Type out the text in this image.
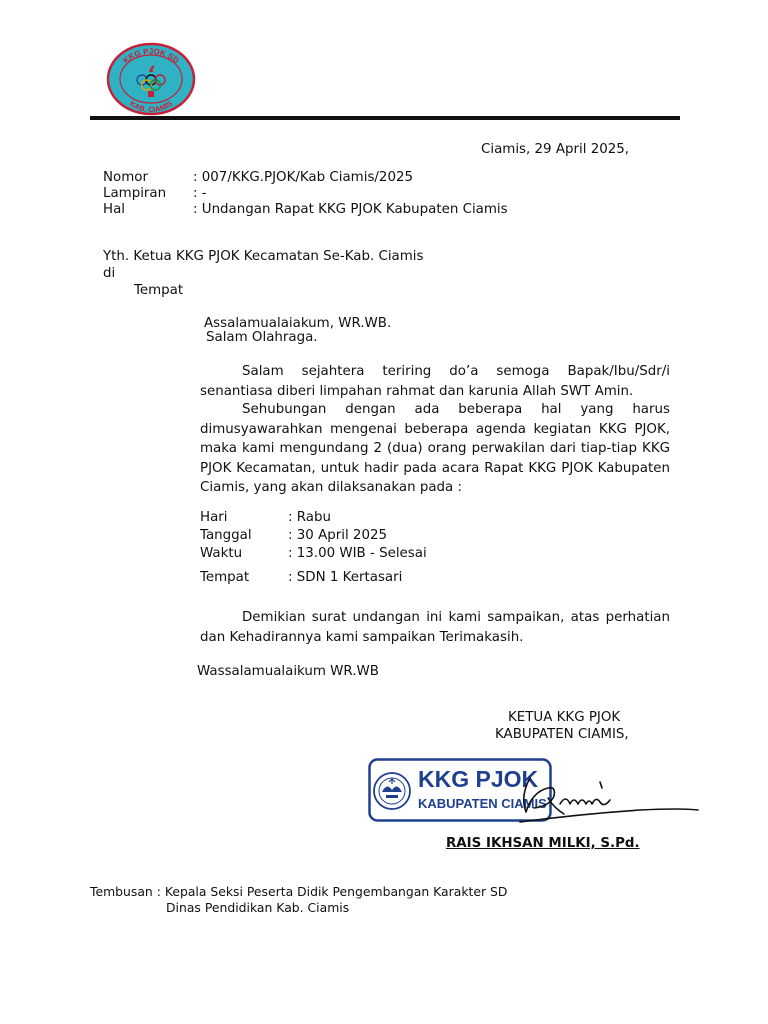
KKG PJOK SD
KAB. CIAMIS
Ciamis, 29 April 2025,
Nomor	: 007/KKG.PJOK/Kab Ciamis/2025
Lampiran : -
Hal	: Undangan Rapat KKG PJOK Kabupaten Ciamis
Yth. Ketua KKG PJOK Kecamatan Se-Kab. Ciamis
di
Tempat
Assalamualaiakum, WR.WB.
Salam Olahraga.
Salam sejahtera teriring do’a semoga Bapak/Ibu/Sdr/i senantiasa diberi limpahan rahmat dan karunia Allah SWT Amin.
Sehubungan dengan ada beberapa hal yang harus dimusyawarahkan mengenai beberapa agenda kegiatan KKG PJOK, maka kami mengundang 2 (dua) orang perwakilan dari tiap-tiap KKG PJOK Kecamatan, untuk hadir pada acara Rapat KKG PJOK Kabupaten Ciamis, yang akan dilaksanakan pada :
Hari	: Rabu
Tanggal	: 30 April 2025
Waktu	: 13.00 WIB - Selesai
Tempat	: SDN 1 Kertasari
Demikian surat undangan ini kami sampaikan, atas perhatian dan Kehadirannya kami sampaikan Terimakasih.
Wassalamualaikum WR.WB
KETUA KKG PJOK
KABUPATEN CIAMIS,
KKG PJOK
KABUPATEN CIAMIS
RAIS IKHSAN MILKI, S.Pd.
Tembusan : Kepala Seksi Peserta Didik Pengembangan Karakter SD
Dinas Pendidikan Kab. Ciamis
